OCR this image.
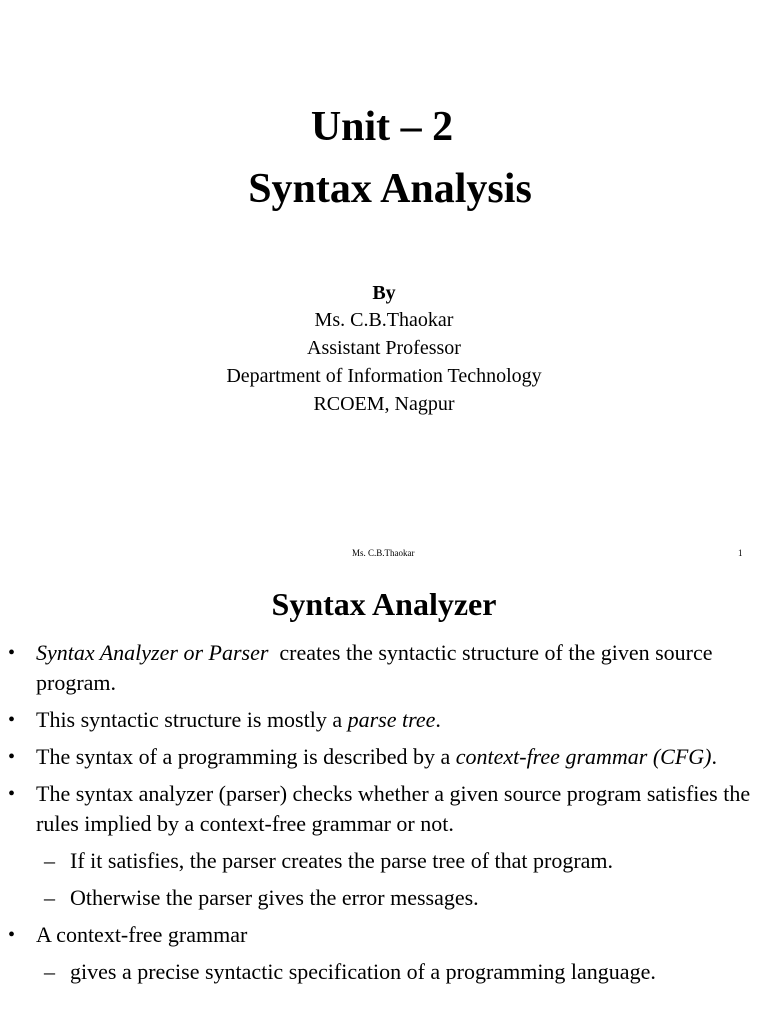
Unit – 2
Syntax Analysis
By
Ms. C.B.Thaokar
Assistant Professor
Department of Information Technology
RCOEM, Nagpur
Ms. C.B.Thaokar	1
Syntax Analyzer
• Syntax Analyzer or Parser  creates the syntactic structure of the given source program.
• This syntactic structure is mostly a parse tree.
• The syntax of a programming is described by a context-free grammar (CFG).
• The syntax analyzer (parser) checks whether a given source program satisfies the rules implied by a context-free grammar or not.
– If it satisfies, the parser creates the parse tree of that program.
– Otherwise the parser gives the error messages.
• A context-free grammar
– gives a precise syntactic specification of a programming language.
